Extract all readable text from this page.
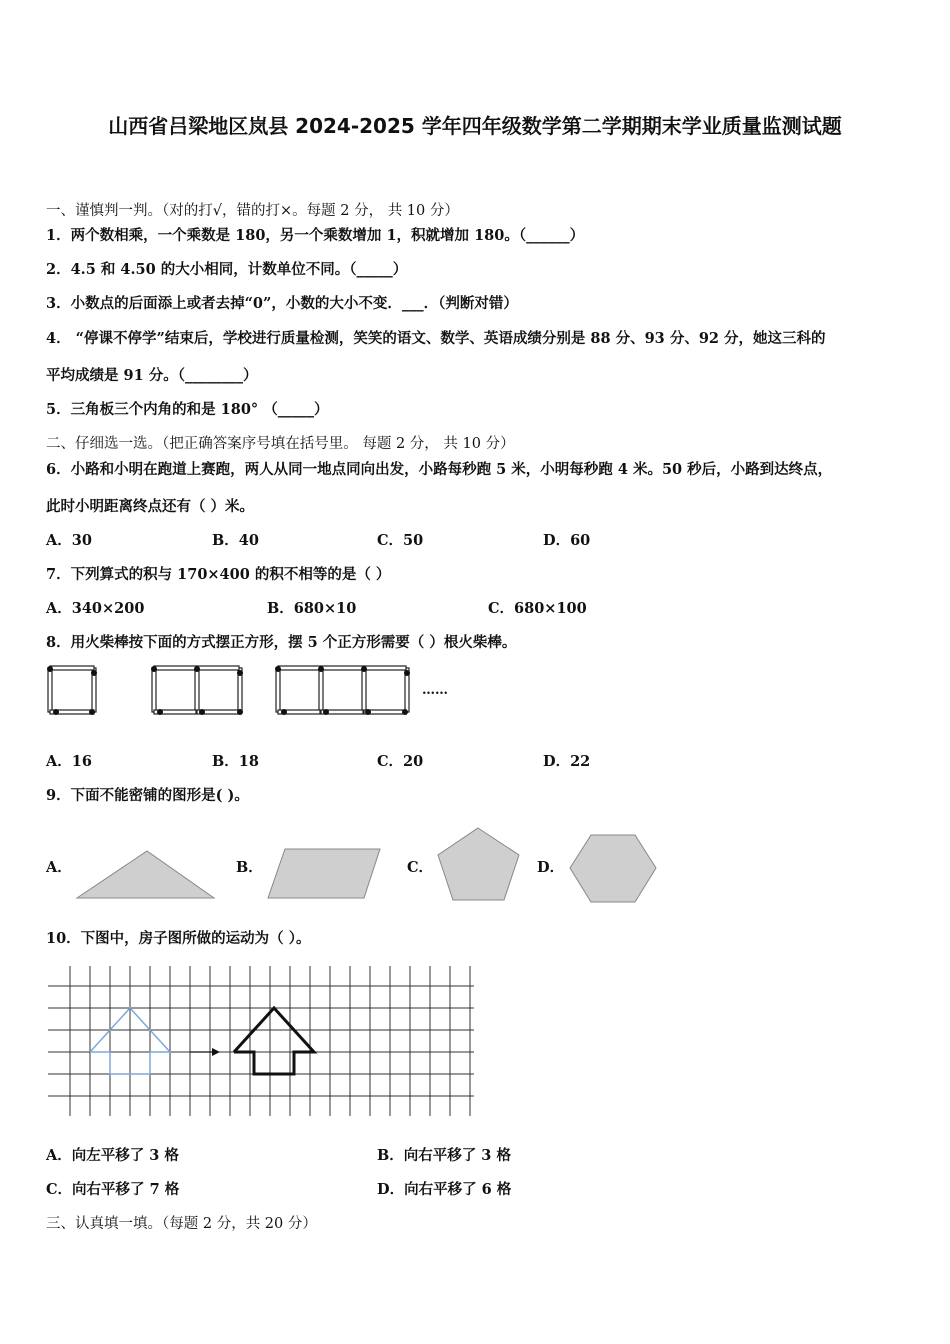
山西省吕梁地区岚县 2024-2025 学年四年级数学第二学期期末学业质量监测试题
一、谨慎判一判。（对的打√，错的打×。每题 2 分， 共 10 分）
1．两个数相乘，一个乘数是 180，另一个乘数增加 1，积就增加 180。（______）
2．4.5 和 4.50 的大小相同，计数单位不同。（_____）
3．小数点的后面添上或者去掉“0”，小数的大小不变．___．（判断对错）
4． “停课不停学”结束后，学校进行质量检测，笑笑的语文、数学、英语成绩分别是 88 分、93 分、92 分，她这三科的
平均成绩是 91 分。（________）
5．三角板三个内角的和是 180° （_____）
二、仔细选一选。（把正确答案序号填在括号里。 每题 2 分， 共 10 分）
6．小路和小明在跑道上赛跑，两人从同一地点同向出发，小路每秒跑 5 米，小明每秒跑 4 米。50 秒后，小路到达终点，
此时小明距离终点还有（ ）米。
A．30	B．40	C．50	D．60
7．下列算式的积与 170×400 的积不相等的是（ ）
A．340×200	B．680×10	C．680×100
8．用火柴棒按下面的方式摆正方形，摆 5 个正方形需要（ ）根火柴棒。
……
A．16	B．18	C．20	D．22
9．下面不能密铺的图形是( )。
A．	B．	C．	D．
10．下图中，房子图所做的运动为（ ）。
A．向左平移了 3 格	B．向右平移了 3 格
C．向右平移了 7 格	D．向右平移了 6 格
三、认真填一填。（每题 2 分，共 20 分）
